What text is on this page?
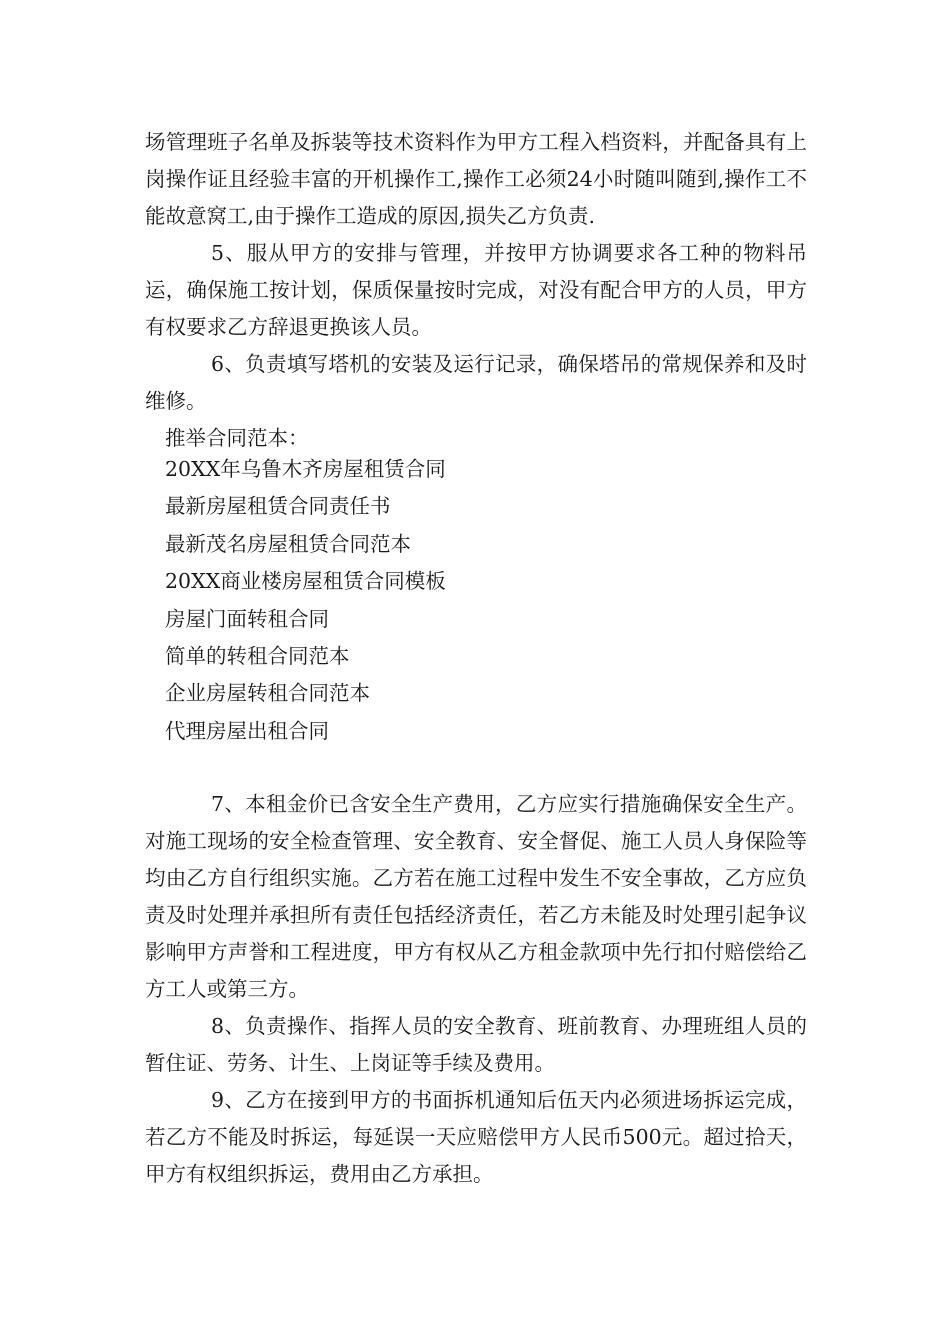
场管理班子名单及拆装等技术资料作为甲方工程入档资料，并配备具有上岗操作证且经验丰富的开机操作工,操作工必须24小时随叫随到,操作工不能故意窝工,由于操作工造成的原因,损失乙方负责.

5、服从甲方的安排与管理，并按甲方协调要求各工种的物料吊运，确保施工按计划，保质保量按时完成，对没有配合甲方的人员，甲方有权要求乙方辞退更换该人员。

6、负责填写塔机的安装及运行记录，确保塔吊的常规保养和及时维修。

推举合同范本：

20XX年乌鲁木齐房屋租赁合同
最新房屋租赁合同责任书
最新茂名房屋租赁合同范本
20XX商业楼房屋租赁合同模板
房屋门面转租合同
简单的转租合同范本
企业房屋转租合同范本
代理房屋出租合同

7、本租金价已含安全生产费用，乙方应实行措施确保安全生产。对施工现场的安全检查管理、安全教育、安全督促、施工人员人身保险等均由乙方自行组织实施。乙方若在施工过程中发生不安全事故，乙方应负责及时处理并承担所有责任包括经济责任，若乙方未能及时处理引起争议影响甲方声誉和工程进度，甲方有权从乙方租金款项中先行扣付赔偿给乙方工人或第三方。

8、负责操作、指挥人员的安全教育、班前教育、办理班组人员的暂住证、劳务、计生、上岗证等手续及费用。

9、乙方在接到甲方的书面拆机通知后伍天内必须进场拆运完成，若乙方不能及时拆运，每延误一天应赔偿甲方人民币500元。超过拾天，甲方有权组织拆运，费用由乙方承担。
